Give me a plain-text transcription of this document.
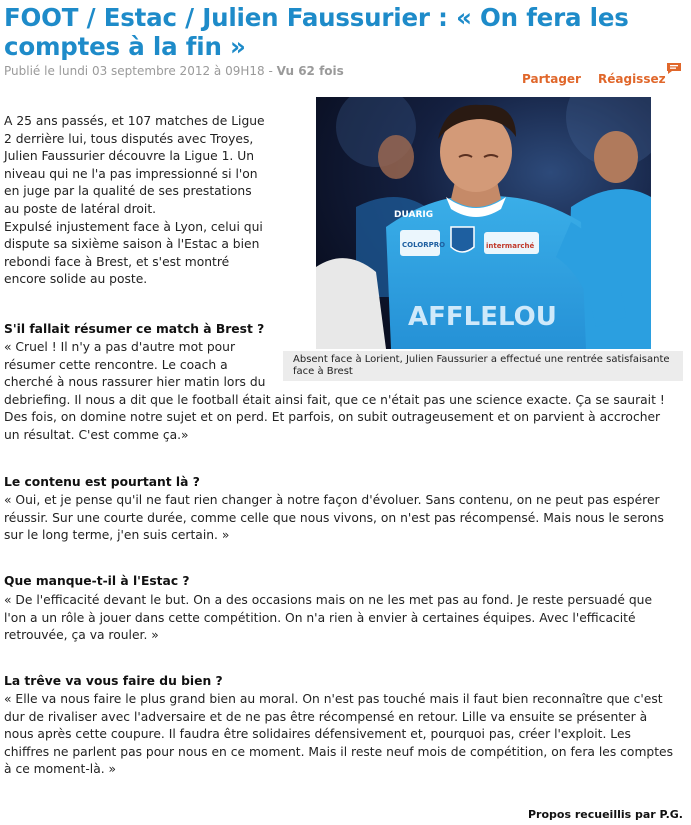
FOOT / Estac / Julien Faussurier : « On fera les comptes à la fin »
Publié le lundi 03 septembre 2012 à 09H18 - Vu 62 fois
Partager Réagissez
DUARIG
COLORPRO	intermarché
AFFLELOU
Absent face à Lorient, Julien Faussurier a effectué une rentrée satisfaisante face à Brest
A 25 ans passés, et 107 matches de Ligue
2 derrière lui, tous disputés avec Troyes,
Julien Faussurier découvre la Ligue 1. Un
niveau qui ne l'a pas impressionné si l'on
en juge par la qualité de ses prestations
au poste de latéral droit.
Expulsé injustement face à Lyon, celui qui
dispute sa sixième saison à l'Estac a bien
rebondi face à Brest, et s'est montré
encore solide au poste.
S'il fallait résumer ce match à Brest ?
« Cruel ! Il n'y a pas d'autre mot pour
résumer cette rencontre. Le coach a
cherché à nous rassurer hier matin lors du
debriefing. Il nous a dit que le football était ainsi fait, que ce n'était pas une science exacte. Ça se saurait !
Des fois, on domine notre sujet et on perd. Et parfois, on subit outrageusement et on parvient à accrocher
un résultat. C'est comme ça.»
Le contenu est pourtant là ?
« Oui, et je pense qu'il ne faut rien changer à notre façon d'évoluer. Sans contenu, on ne peut pas espérer
réussir. Sur une courte durée, comme celle que nous vivons, on n'est pas récompensé. Mais nous le serons
sur le long terme, j'en suis certain. »
Que manque-t-il à l'Estac ?
« De l'efficacité devant le but. On a des occasions mais on ne les met pas au fond. Je reste persuadé que
l'on a un rôle à jouer dans cette compétition. On n'a rien à envier à certaines équipes. Avec l'efficacité
retrouvée, ça va rouler. »
La trêve va vous faire du bien ?
« Elle va nous faire le plus grand bien au moral. On n'est pas touché mais il faut bien reconnaître que c'est
dur de rivaliser avec l'adversaire et de ne pas être récompensé en retour. Lille va ensuite se présenter à
nous après cette coupure. Il faudra être solidaires défensivement et, pourquoi pas, créer l'exploit. Les
chiffres ne parlent pas pour nous en ce moment. Mais il reste neuf mois de compétition, on fera les comptes
à ce moment-là. »
Propos recueillis par P.G.
